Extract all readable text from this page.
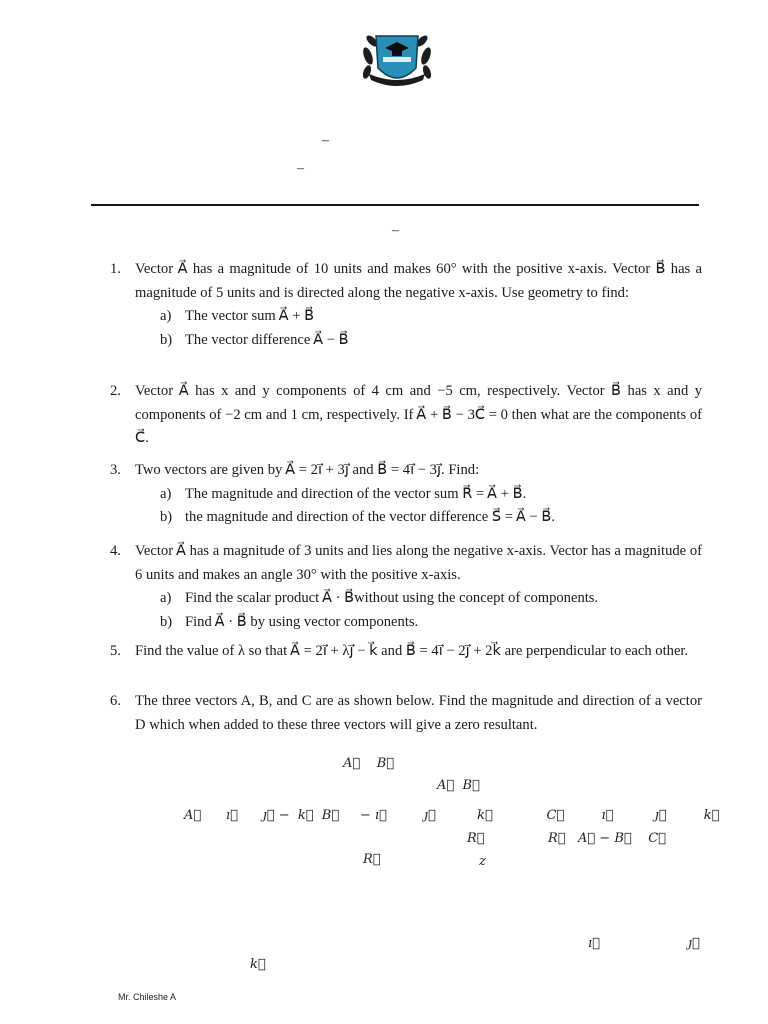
–
–
–
1. Vector A⃗ has a magnitude of 10 units and makes 60° with the positive x-axis. Vector B⃗ has a magnitude of 5 units and is directed along the negative x-axis. Use geometry to find:
a) The vector sum A⃗ + B⃗
b) The vector difference A⃗ − B⃗
2. Vector A⃗ has x and y components of 4 cm and −5 cm, respectively. Vector B⃗ has x and y components of −2 cm and 1 cm, respectively. If A⃗ + B⃗ − 3C⃗ = 0 then what are the components of C⃗.
3. Two vectors are given by A⃗ = 2ı⃗ + 3ȷ⃗ and B⃗ = 4ı⃗ − 3ȷ⃗. Find:
a) The magnitude and direction of the vector sum R⃗ = A⃗ + B⃗.
b) the magnitude and direction of the vector difference S⃗ = A⃗ − B⃗.
4. Vector A⃗ has a magnitude of 3 units and lies along the negative x-axis. Vector has a magnitude of 6 units and makes an angle 30° with the positive x-axis.
a) Find the scalar product A⃗ · B⃗without using the concept of components.
b) Find A⃗ · B⃗ by using vector components.
5. Find the value of λ so that A⃗ = 2ı⃗ + λȷ⃗ − k⃗ and B⃗ = 4ı⃗ − 2ȷ⃗ + 2k⃗ are perpendicular to each other.
6. The three vectors A, B, and C are as shown below. Find the magnitude and direction of a vector D which when added to these three vectors will give a zero resultant.
A⃗    B⃗
A⃗  B⃗
A⃗      ı⃗      ȷ⃗ −  k⃗  B⃗     − ı⃗         ȷ⃗          k⃗             C⃗         ı⃗          ȷ⃗         k⃗
R⃗	R⃗   A⃗ − B⃗    C⃗
R⃗	z
ı⃗	ȷ⃗
k⃗
Mr. Chileshe A
